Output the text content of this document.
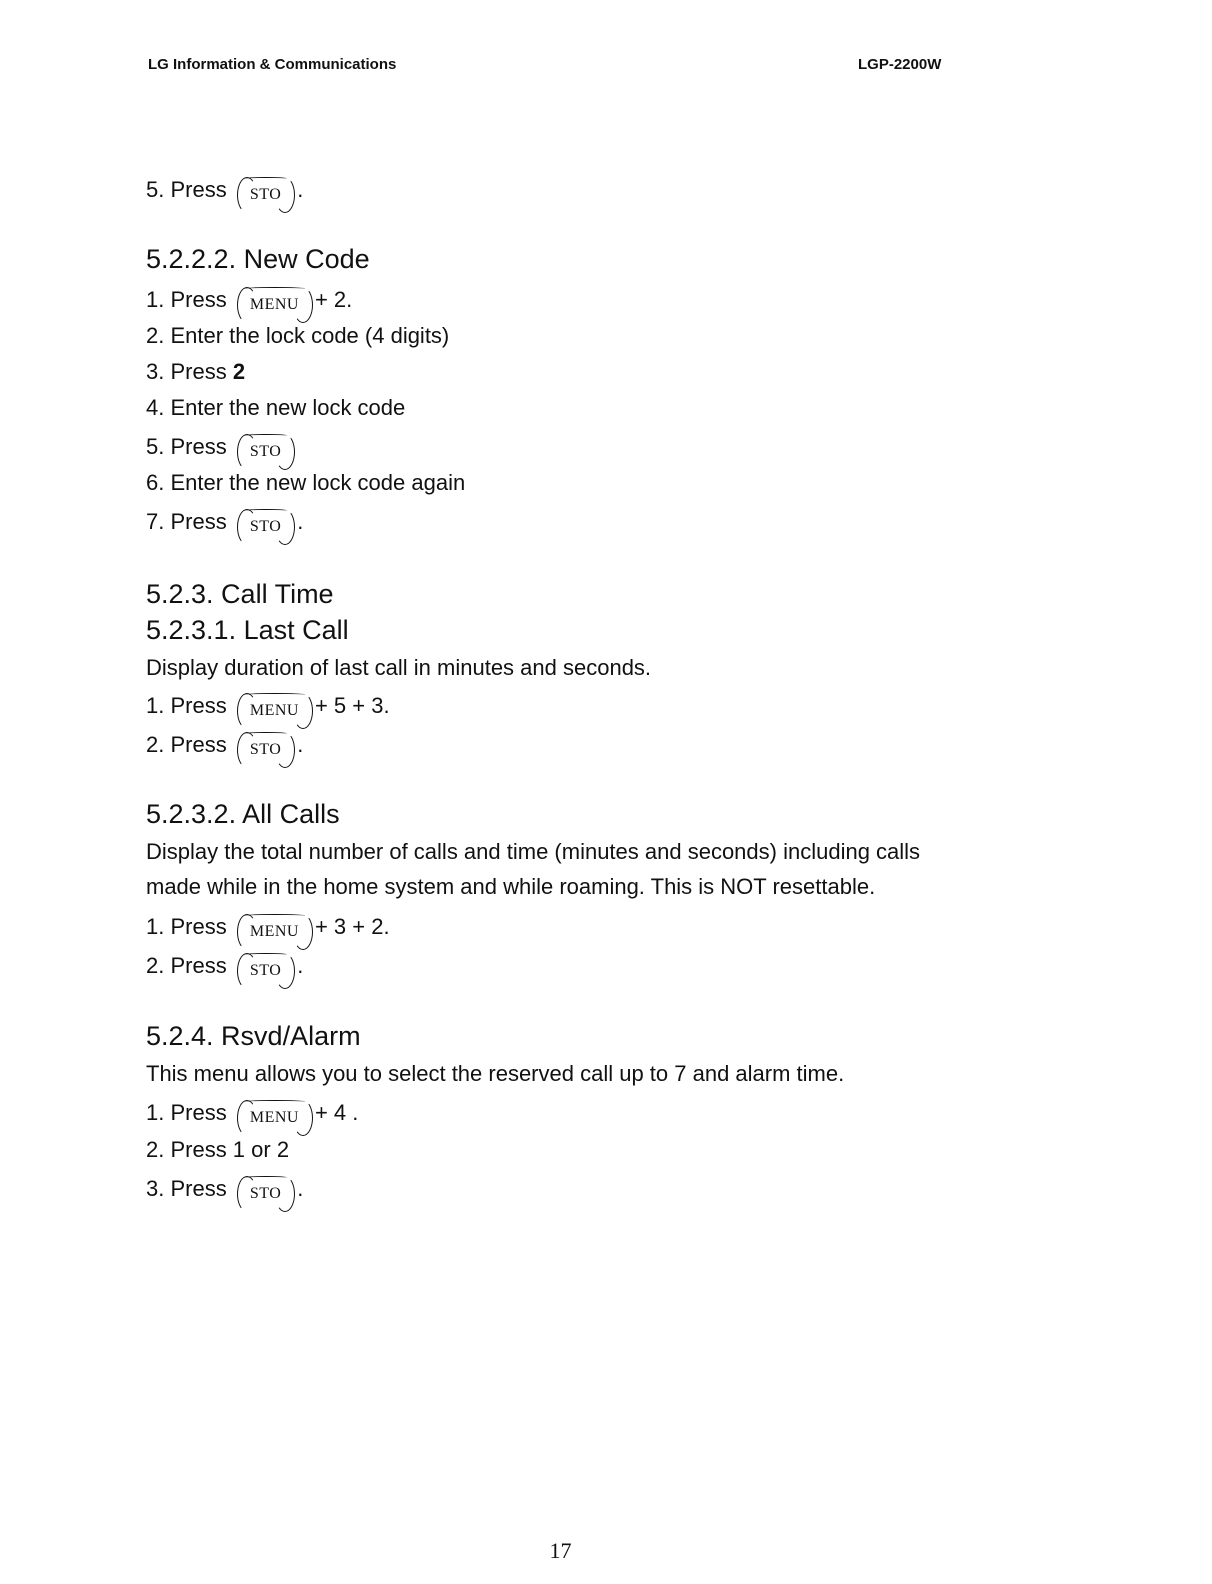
LG Information & Communications	LGP-2200W
5. Press STO .
5.2.2.2. New Code
1. Press MENU + 2.
2. Enter the lock code (4 digits)
3. Press 2
4. Enter the new lock code
5. Press STO
6. Enter the new lock code again
7. Press STO .
5.2.3. Call Time
5.2.3.1. Last Call
Display duration of last call in minutes and seconds.
1. Press MENU + 5 + 3.
2. Press STO .
5.2.3.2. All Calls
Display the total number of calls and time (minutes and seconds) including calls
made while in the home system and while roaming. This is NOT resettable.
1. Press MENU + 3 + 2.
2. Press STO .
5.2.4. Rsvd/Alarm
This menu allows you to select the reserved call up to 7 and alarm time.
1. Press MENU + 4 .
2. Press 1 or 2
3. Press STO .
17
